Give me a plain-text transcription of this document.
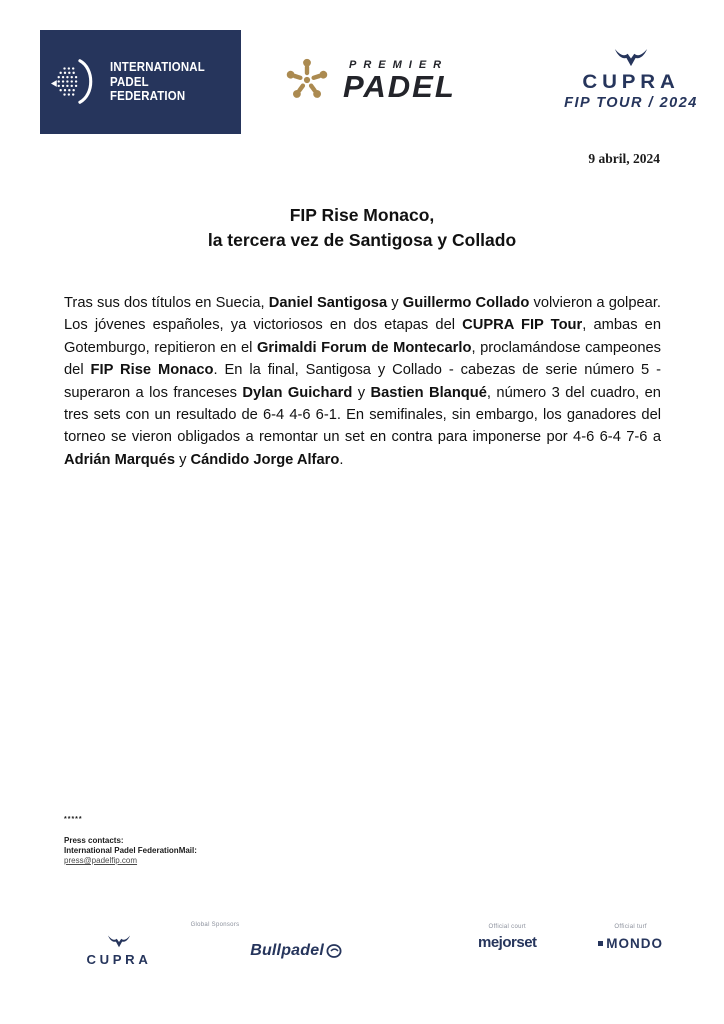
INTERNATIONAL
PADEL
FEDERATION
PREMIER
PADEL	CUPRA
FIP TOUR / 2024
9 abril, 2024
FIP Rise Monaco,
la tercera vez de Santigosa y Collado

Tras sus dos títulos en Suecia, Daniel Santigosa y Guillermo Collado volvieron a golpear. Los jóvenes españoles, ya victoriosos en dos etapas del CUPRA FIP Tour, ambas en Gotemburgo, repitieron en el Grimaldi Forum de Montecarlo, proclamándose campeones del FIP Rise Monaco. En la final, Santigosa y Collado - cabezas de serie número 5 - superaron a los franceses Dylan Guichard y Bastien Blanqué, número 3 del cuadro, en tres sets con un resultado de 6-4 4-6 6-1. En semifinales, sin embargo, los ganadores del torneo se vieron obligados a remontar un set en contra para imponerse por 4-6 6-4 7-6 a Adrián Marqués y Cándido Jorge Alfaro.

*****
Press contacts:
International Padel FederationMail:
press@padelfip.com
Global Sponsors
CUPRA
Bullpadel
Official court
mejorset
Official turf
MONDO
